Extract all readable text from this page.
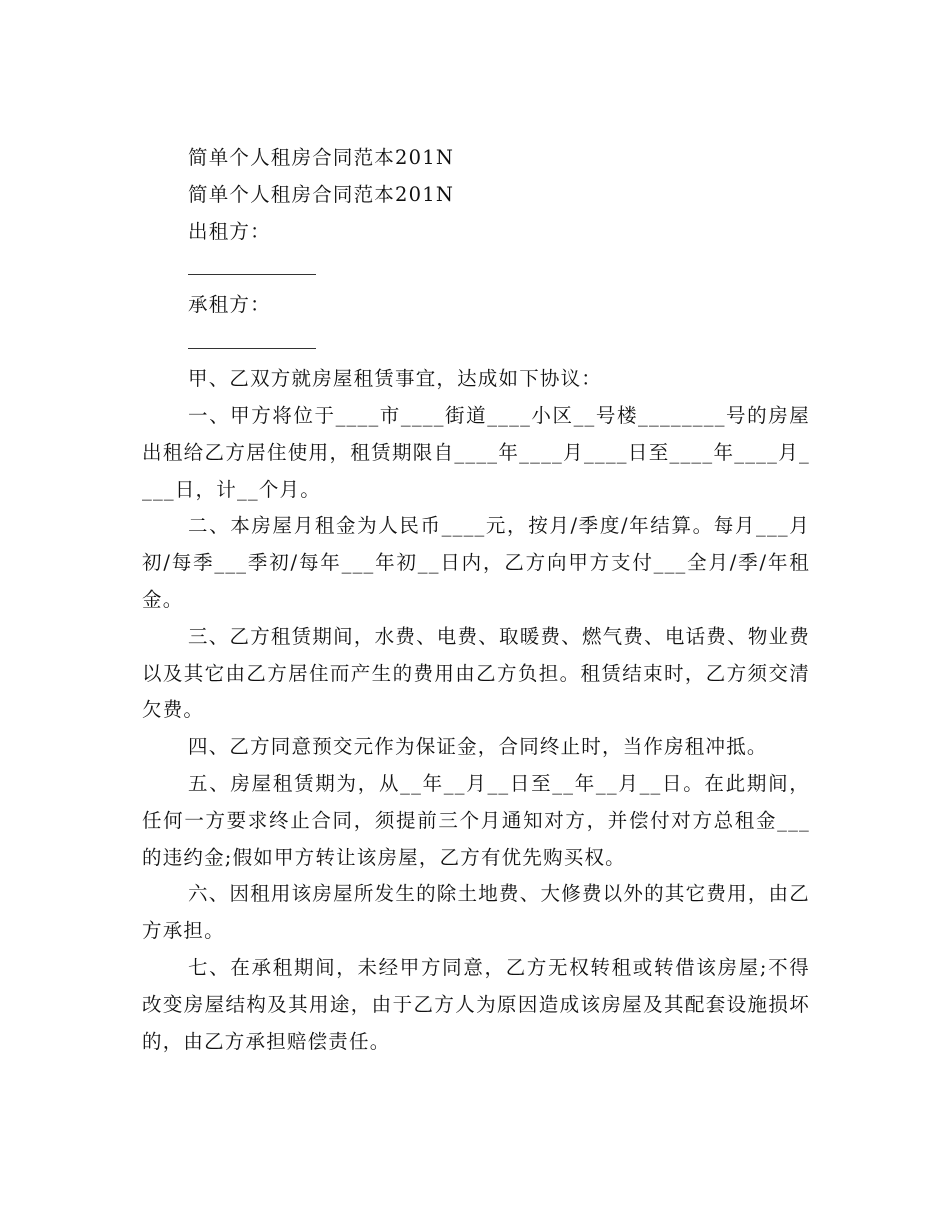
简单个人租房合同范本201N
简单个人租房合同范本201N
出租方：
承租方：

甲、乙双方就房屋租赁事宜，达成如下协议：

一、甲方将位于____市____街道____小区__号楼________号的房屋出租给乙方居住使用，租赁期限自____年____月____日至____年____月____日，计__个月。

二、本房屋月租金为人民币____元，按月/季度/年结算。每月___月初/每季___季初/每年___年初__日内，乙方向甲方支付___全月/季/年租金。

三、乙方租赁期间，水费、电费、取暖费、燃气费、电话费、物业费以及其它由乙方居住而产生的费用由乙方负担。租赁结束时，乙方须交清欠费。

四、乙方同意预交元作为保证金，合同终止时，当作房租冲抵。

五、房屋租赁期为，从__年__月__日至__年__月__日。在此期间，任何一方要求终止合同，须提前三个月通知对方，并偿付对方总租金___的违约金;假如甲方转让该房屋，乙方有优先购买权。

六、因租用该房屋所发生的除土地费、大修费以外的其它费用，由乙方承担。

七、在承租期间，未经甲方同意，乙方无权转租或转借该房屋;不得改变房屋结构及其用途，由于乙方人为原因造成该房屋及其配套设施损坏的，由乙方承担赔偿责任。
